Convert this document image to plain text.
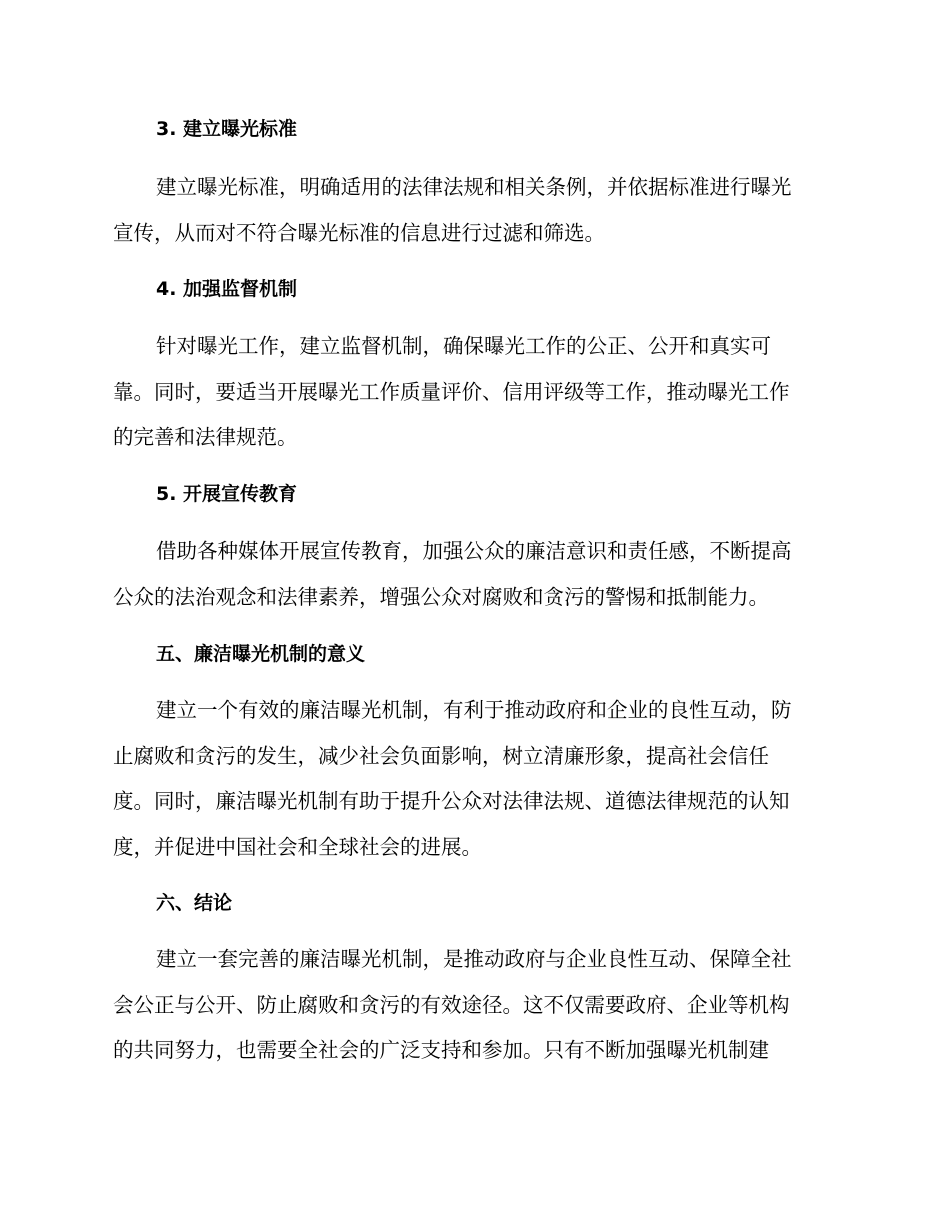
3. 建立曝光标准
建立曝光标准，明确适用的法律法规和相关条例，并依据标准进行曝光
宣传，从而对不符合曝光标准的信息进行过滤和筛选。
4. 加强监督机制
针对曝光工作，建立监督机制，确保曝光工作的公正、公开和真实可
靠。同时，要适当开展曝光工作质量评价、信用评级等工作，推动曝光工作
的完善和法律规范。
5. 开展宣传教育
借助各种媒体开展宣传教育，加强公众的廉洁意识和责任感，不断提高
公众的法治观念和法律素养，增强公众对腐败和贪污的警惕和抵制能力。
五、廉洁曝光机制的意义
建立一个有效的廉洁曝光机制，有利于推动政府和企业的良性互动，防
止腐败和贪污的发生，减少社会负面影响，树立清廉形象，提高社会信任
度。同时，廉洁曝光机制有助于提升公众对法律法规、道德法律规范的认知
度，并促进中国社会和全球社会的进展。
六、结论
建立一套完善的廉洁曝光机制，是推动政府与企业良性互动、保障全社
会公正与公开、防止腐败和贪污的有效途径。这不仅需要政府、企业等机构
的共同努力，也需要全社会的广泛支持和参加。只有不断加强曝光机制建
